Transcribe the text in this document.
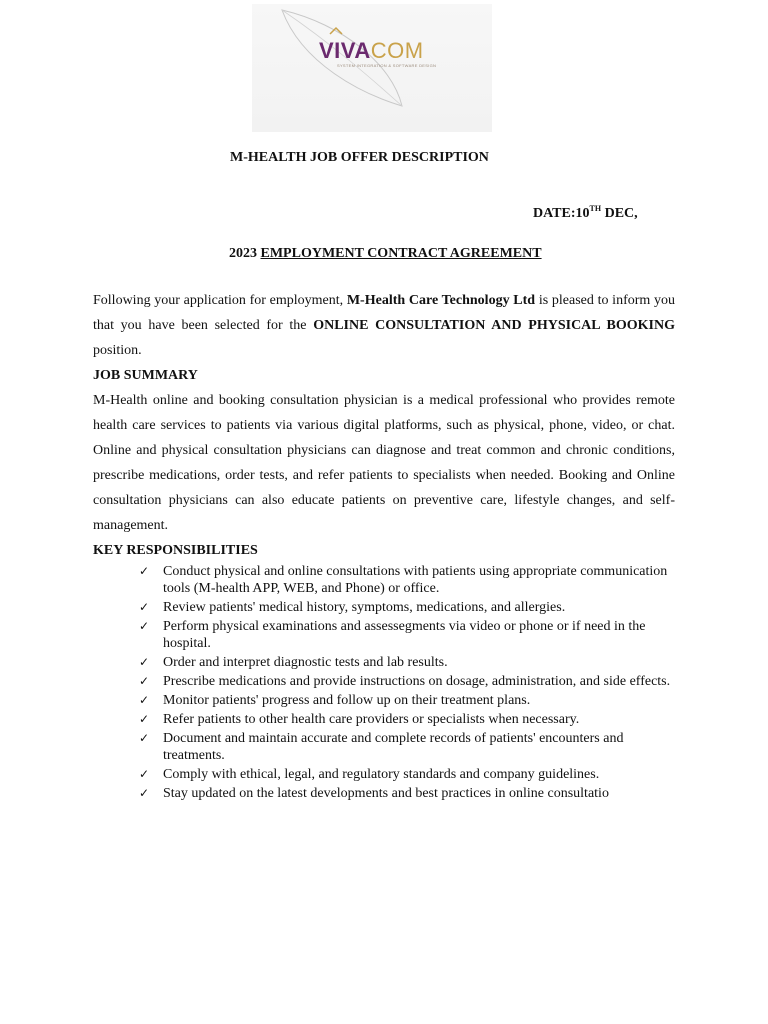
VIVACOM
SYSTEM INTEGRATION & SOFTWARE DESIGN
M-HEALTH JOB OFFER DESCRIPTION
DATE:10TH DEC,
2023 EMPLOYMENT CONTRACT AGREEMENT

Following your application for employment, M-Health Care Technology Ltd is pleased to inform you that you have been selected for the ONLINE CONSULTATION AND PHYSICAL BOOKING position.

JOB SUMMARY

M-Health online and booking consultation physician is a medical professional who provides remote health care services to patients via various digital platforms, such as physical, phone, video, or chat. Online and physical consultation physicians can diagnose and treat common and chronic conditions, prescribe medications, order tests, and refer patients to specialists when needed. Booking and Online consultation physicians can also educate patients on preventive care, lifestyle changes, and self-management.

KEY RESPONSIBILITIES

✓ Conduct physical and online consultations with patients using appropriate communication tools (M-health APP, WEB, and Phone) or office.
✓ Review patients' medical history, symptoms, medications, and allergies.
✓ Perform physical examinations and assessegments via video or phone or if need in the hospital.
✓ Order and interpret diagnostic tests and lab results.
✓ Prescribe medications and provide instructions on dosage, administration, and side effects.
✓ Monitor patients' progress and follow up on their treatment plans.
✓ Refer patients to other health care providers or specialists when necessary.
✓ Document and maintain accurate and complete records of patients' encounters and treatments.
✓ Comply with ethical, legal, and regulatory standards and company guidelines.
✓ Stay updated on the latest developments and best practices in online consultatio
